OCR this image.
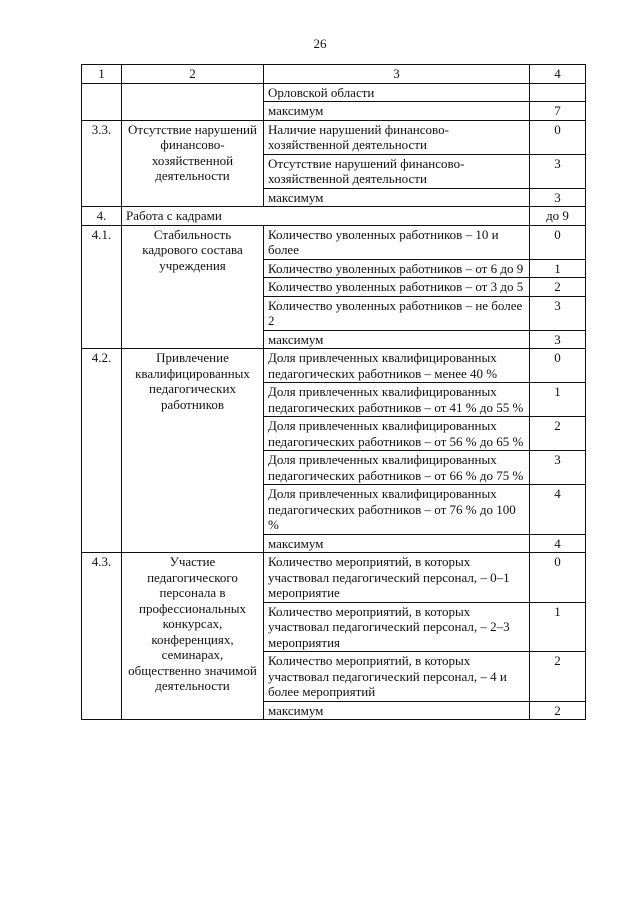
26
1	2	3	4
		Орловской области	
		максимум	7
3.3.	Отсутствие нарушений финансово-хозяйственной деятельности	Наличие нарушений финансово-хозяйственной деятельности	0
		Отсутствие нарушений финансово-хозяйственной деятельности	3
		максимум	3
4.	Работа с кадрами		до 9
4.1.	Стабильность кадрового состава учреждения	Количество уволенных работников – 10 и более	0
		Количество уволенных работников – от 6 до 9	1
		Количество уволенных работников – от 3 до 5	2
		Количество уволенных работников – не более 2	3
		максимум	3
4.2.	Привлечение квалифицированных педагогических работников	Доля привлеченных квалифицированных педагогических работников – менее 40 %	0
		Доля привлеченных квалифицированных педагогических работников – от 41 % до 55 %	1
		Доля привлеченных квалифицированных педагогических работников – от 56 % до 65 %	2
		Доля привлеченных квалифицированных педагогических работников – от 66 % до 75 %	3
		Доля привлеченных квалифицированных педагогических работников – от 76 % до 100 %	4
		максимум	4
4.3.	Участие педагогического персонала в профессиональных конкурсах, конференциях, семинарах, общественно значимой деятельности	Количество мероприятий, в которых участвовал педагогический персонал, – 0–1 мероприятие	0
		Количество мероприятий, в которых участвовал педагогический персонал, – 2–3 мероприятия	1
		Количество мероприятий, в которых участвовал педагогический персонал, – 4 и более мероприятий	2
		максимум	2
